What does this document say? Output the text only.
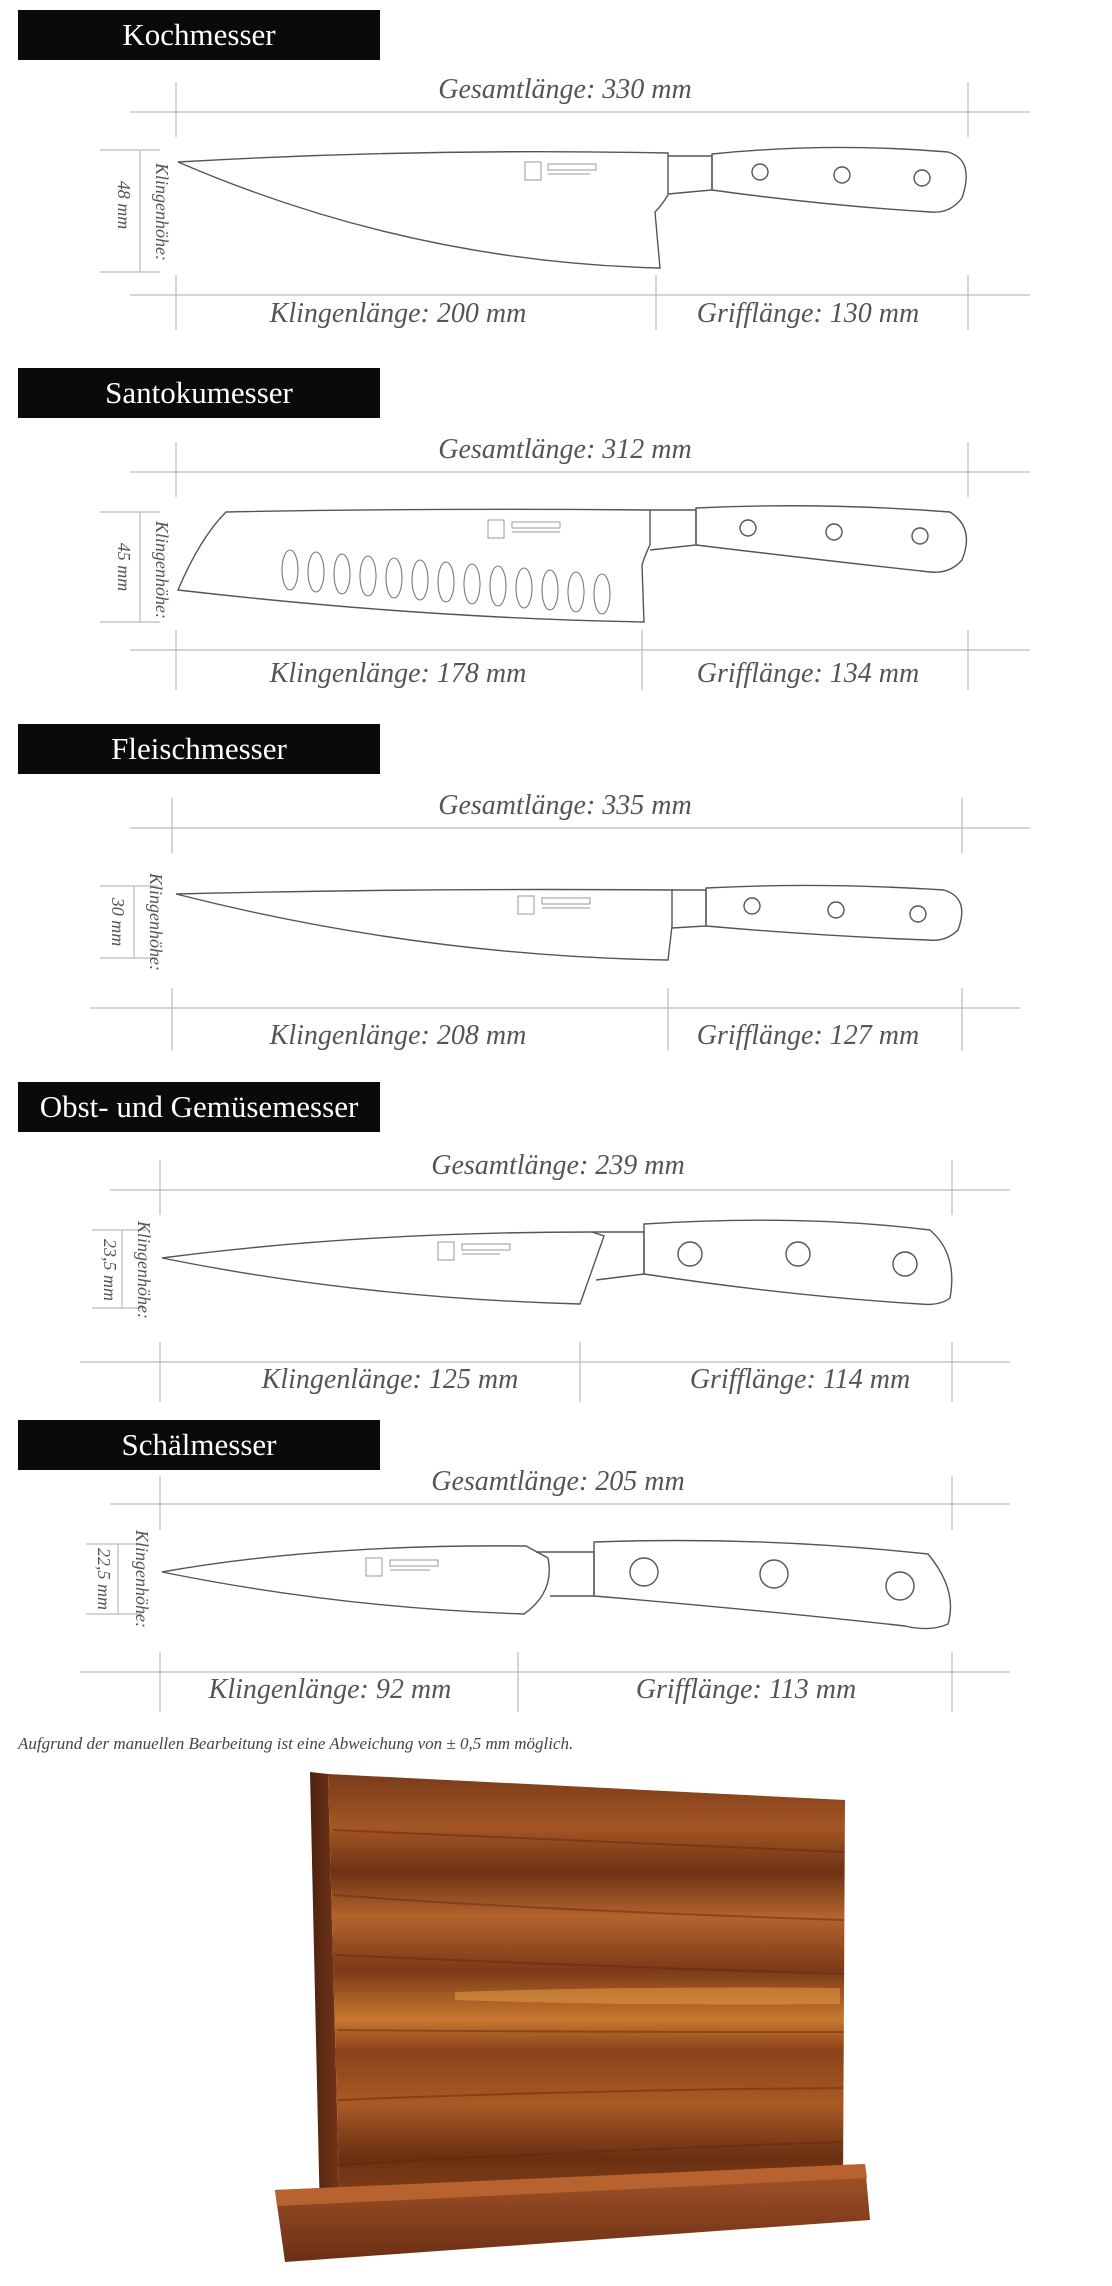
Kochmesser
Gesamtlänge: 330 mm
Klingenlänge: 200 mm	Grifflänge: 130 mm
48 mm Klingenhöhe:
Santokumesser
Gesamtlänge: 312 mm
Klingenlänge: 178 mm	Grifflänge: 134 mm
45 mm Klingenhöhe:
Fleischmesser
Gesamtlänge: 335 mm
Klingenlänge: 208 mm	Grifflänge: 127 mm
30 mm Klingenhöhe:
Obst- und Gemüsemesser
Gesamtlänge: 239 mm
Klingenlänge: 125 mm	Grifflänge: 114 mm
23,5 mm Klingenhöhe:
Schälmesser
Gesamtlänge: 205 mm
Klingenlänge: 92 mm	Grifflänge: 113 mm
22,5 mm Klingenhöhe:
Aufgrund der manuellen Bearbeitung ist eine Abweichung von ± 0,5 mm möglich.
